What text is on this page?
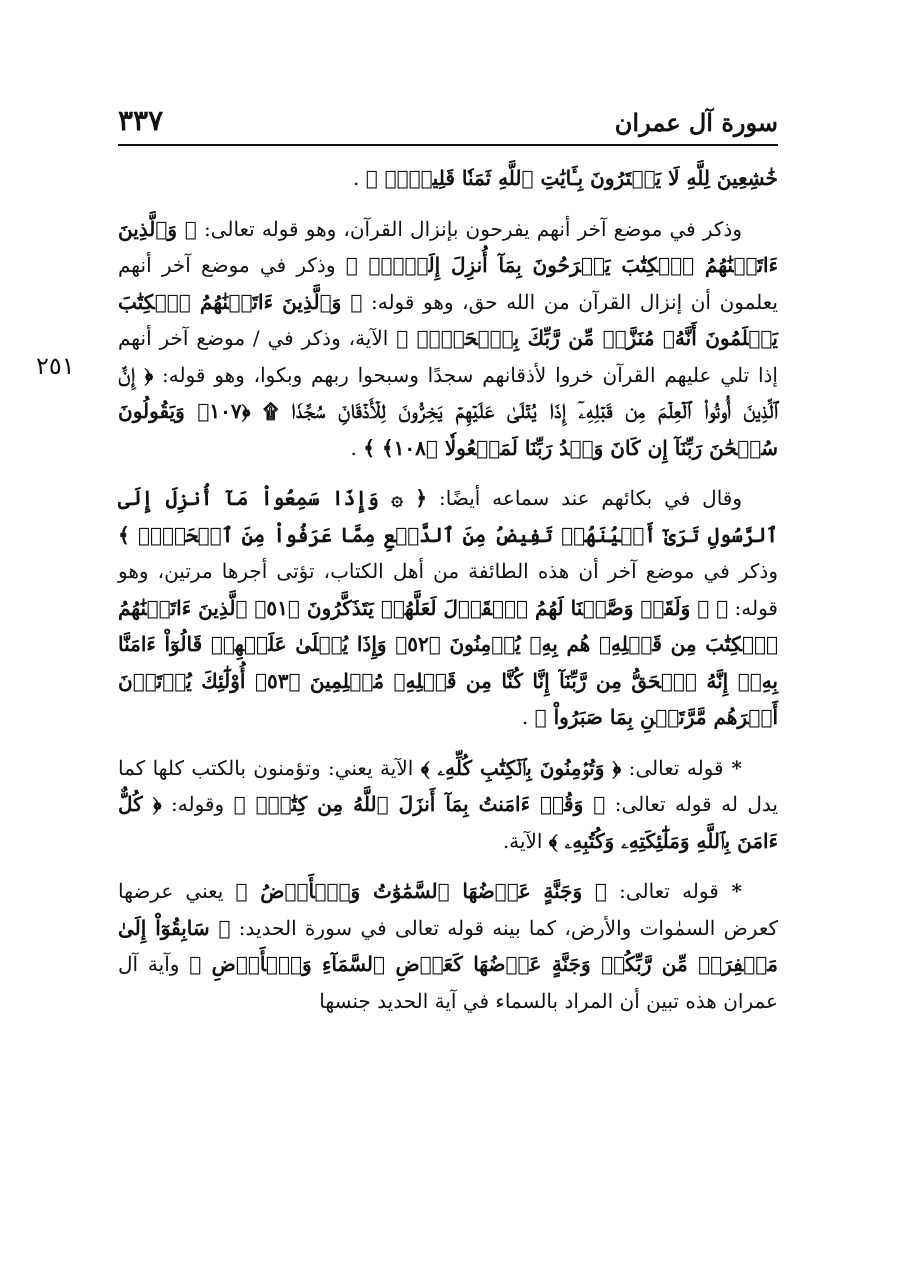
سورة آل عمران
٣٣٧
٢٥١

خَٰشِعِينَ لِلَّهِ لَا يَشۡتَرُونَ بِـَٔايَٰتِ ٱللَّهِ ثَمَنٗا قَلِيلًاۚ ﴾ .

وذكر في موضع آخر أنهم يفرحون بإنزال القرآن، وهو قوله تعالى: ﴿ وَٱلَّذِينَ ءَاتَيۡنَٰهُمُ ٱلۡكِتَٰبَ يَفۡرَحُونَ بِمَآ أُنزِلَ إِلَيۡكَۖ ﴾ وذكر في موضع آخر أنهم يعلمون أن إنزال القرآن من الله حق، وهو قوله: ﴿ وَٱلَّذِينَ ءَاتَيۡنَٰهُمُ ٱلۡكِتَٰبَ يَعۡلَمُونَ أَنَّهُۥ مُنَزَّلٞ مِّن رَّبِّكَ بِٱلۡحَقِّۖ ﴾ الآية، وذكر في / موضع آخر أنهم إذا تلي عليهم القرآن خروا لأذقانهم سجدًا وسبحوا ربهم وبكوا، وهو قوله: ﴿ إِنَّ ٱلَّذِينَ أُوتُواْ ٱلۡعِلۡمَ مِن قَبۡلِهِۦٓ إِذَا يُتۡلَىٰ عَلَيۡهِمۡ يَخِرُّونَ لِلۡأَذۡقَانِۤ سُجَّدٗا ۩ ﴿١٠٧﴾ وَيَقُولُونَ سُبۡحَٰنَ رَبِّنَآ إِن كَانَ وَعۡدُ رَبِّنَا لَمَفۡعُولٗا ﴿١٠٨﴾ ﴾ .

وقال في بكائهم عند سماعه أيضًا: ﴿ ۞ وَإِذَا سَمِعُواْ مَآ أُنزِلَ إِلَى ٱلرَّسُولِ تَرَىٰٓ أَعۡيُنَهُمۡ تَفِيضُ مِنَ ٱلدَّمۡعِ مِمَّا عَرَفُواْ مِنَ ٱلۡحَقِّۖ ﴾ وذكر في موضع آخر أن هذه الطائفة من أهل الكتاب، تؤتى أجرها مرتين، وهو قوله: ﴿ ۞ وَلَقَدۡ وَصَّلۡنَا لَهُمُ ٱلۡقَوۡلَ لَعَلَّهُمۡ يَتَذَكَّرُونَ ﴿٥١﴾ ٱلَّذِينَ ءَاتَيۡنَٰهُمُ ٱلۡكِتَٰبَ مِن قَبۡلِهِۦ هُم بِهِۦ يُؤۡمِنُونَ ﴿٥٢﴾ وَإِذَا يُتۡلَىٰ عَلَيۡهِمۡ قَالُوٓاْ ءَامَنَّا بِهِۦٓ إِنَّهُ ٱلۡحَقُّ مِن رَّبِّنَآ إِنَّا كُنَّا مِن قَبۡلِهِۦ مُسۡلِمِينَ ﴿٥٣﴾ أُوْلَٰٓئِكَ يُؤۡتَوۡنَ أَجۡرَهُم مَّرَّتَيۡنِ بِمَا صَبَرُواْ ﴾ .

* قوله تعالى: ﴿ وَتُؤۡمِنُونَ بِٱلۡكِتَٰبِ كُلِّهِۦ ﴾ الآية يعني: وتؤمنون بالكتب كلها كما يدل له قوله تعالى: ﴿ وَقُلۡ ءَامَنتُ بِمَآ أَنزَلَ ٱللَّهُ مِن كِتَٰبٖۖ ﴾ وقوله: ﴿ كُلٌّ ءَامَنَ بِٱللَّهِ وَمَلَٰٓئِكَتِهِۦ وَكُتُبِهِۦ ﴾ الآية.

* قوله تعالى: ﴿ وَجَنَّةٍ عَرۡضُهَا ٱلسَّمَٰوَٰتُ وَٱلۡأَرۡضُ ﴾ يعني عرضها كعرض السمٰوات والأرض، كما بينه قوله تعالى في سورة الحديد: ﴿ سَابِقُوٓاْ إِلَىٰ مَغۡفِرَةٖ مِّن رَّبِّكُمۡ وَجَنَّةٍ عَرۡضُهَا كَعَرۡضِ ٱلسَّمَآءِ وَٱلۡأَرۡضِ ﴾ وآية آل عمران هذه تبين أن المراد بالسماء في آية الحديد جنسها
